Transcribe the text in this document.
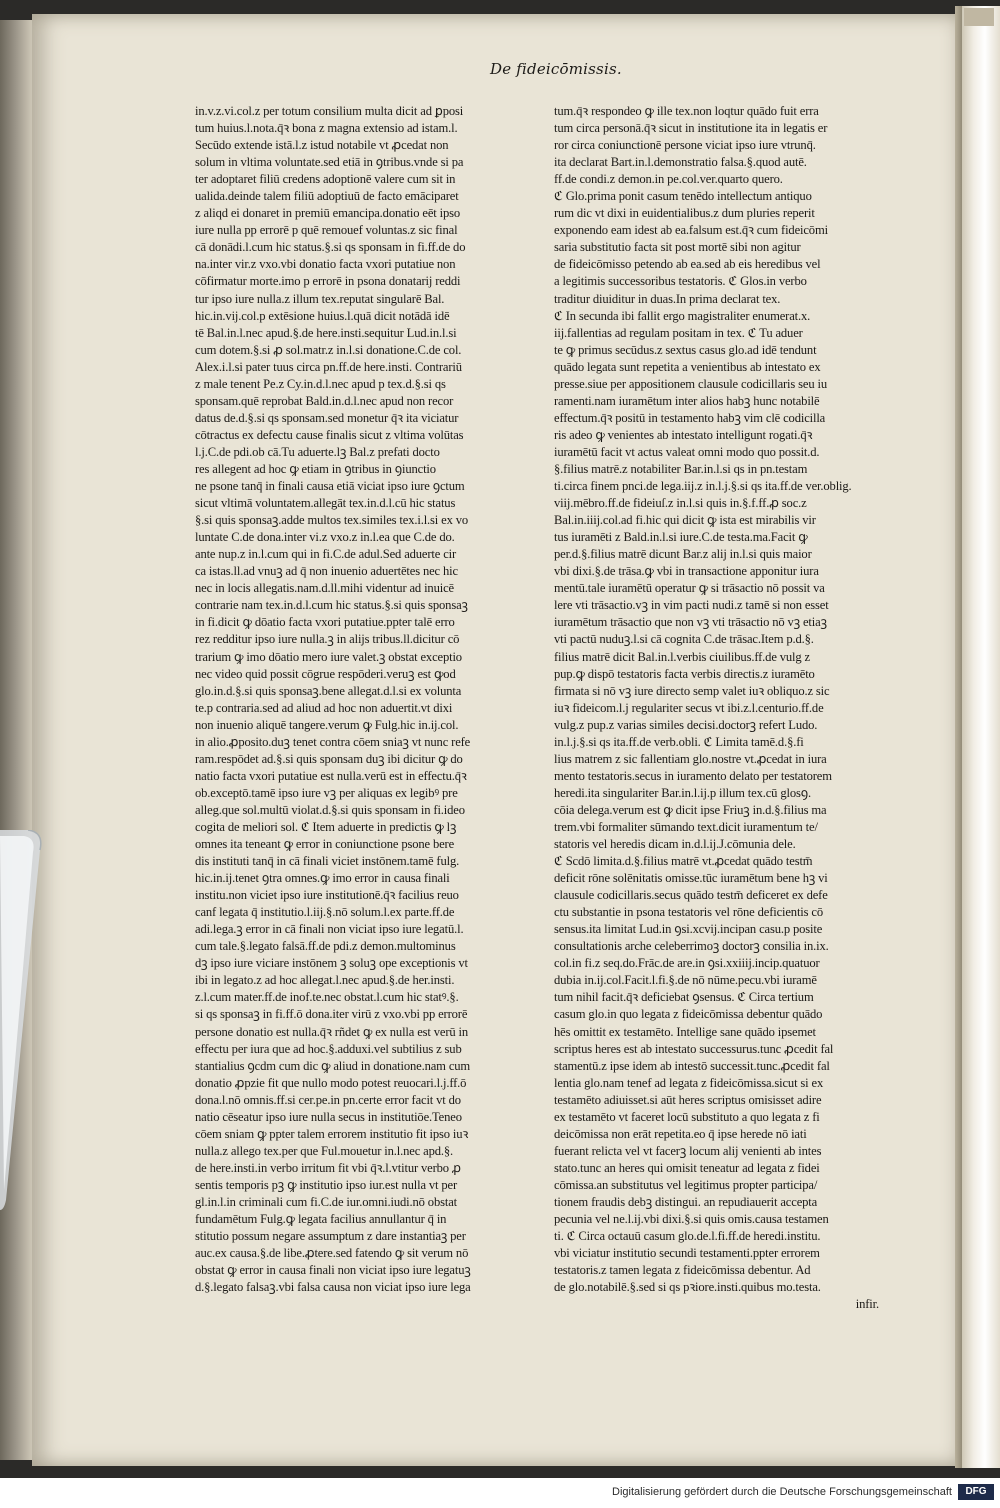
De fideicōmissis.
in.v.z.vi.col.z per totum consilium multa dicit ad ꝑposi
tum huius.l.nota.q̄ꝛ bona z magna extensio ad istam.l.
Secūdo extende istā.l.z istud notabile vt ꝓcedat non
solum in vltima voluntate.sed etiā in ꝯtribus.vnde si pa
ter adoptaret filiū credens adoptionē valere cum sit in
ualida.deinde talem filiū adoptiuū de facto emāciparet
z aliqd ei donaret in premiū emancipa.donatio eēt ipso
iure nulla pp errorē p quē remouef voluntas.z sic final
cā donādi.l.cum hic status.§.si qs sponsam in fi.ff.de do
na.inter vir.z vxo.vbi donatio facta vxori putatiue non
cōfirmatur morte.imo p errorē in psona donatarij reddi
tur ipso iure nulla.z illum tex.reputat singularē Bal.
hic.in.vij.col.p extēsione huius.l.quā dicit notādā idē
tē Bal.in.l.nec apud.§.de here.insti.sequitur Lud.in.l.si
cum dotem.§.si ꝓ sol.matr.z in.l.si donatione.C.de col.
Alex.i.l.si pater tuus circa pn.ff.de here.insti. Contrariū
z male tenent Pe.z Cy.in.d.l.nec apud p tex.d.§.si qs
sponsam.quē reprobat Bald.in.d.l.nec apud non recor
datus de.d.§.si qs sponsam.sed monetur q̄ꝛ ita viciatur
cōtractus ex defectu cause finalis sicut z vltima volūtas
l.j.C.de pdi.ob cā.Tu aduerte.lꝫ Bal.z prefati docto
res allegent ad hoc ꝙ etiam in ꝯtribus in ꝯiunctio
ne psone tanq̄ in finali causa etiā viciat ipso iure ꝯctum
sicut vltimā voluntatem.allegāt tex.in.d.l.cū hic status
§.si quis sponsaꝫ.adde multos tex.similes tex.i.l.si ex vo
luntate C.de dona.inter vi.z vxo.z in.l.ea que C.de do.
ante nup.z in.l.cum qui in fi.C.de adul.Sed aduerte cir
ca istas.ll.ad vnuꝫ ad q̄ non inuenio aduertētes nec hic
nec in locis allegatis.nam.d.ll.mihi videntur ad inuicē
contrarie nam tex.in.d.l.cum hic status.§.si quis sponsaꝫ
in fi.dicit ꝙ dōatio facta vxori putatiue.ppter talē erro
rez redditur ipso iure nulla.ꝫ in alijs tribus.ll.dicitur cō
trarium ꝙ imo dōatio mero iure valet.ꝫ obstat exceptio
nec video quid possit cōgrue respōderi.veruꝫ est ꝙod
glo.in.d.§.si quis sponsaꝫ.bene allegat.d.l.si ex volunta
te.p contraria.sed ad aliud ad hoc non aduertit.vt dixi
non inuenio aliquē tangere.verum ꝙ Fulg.hic in.ij.col.
in alio.ꝓposito.duꝫ tenet contra cōem sniaꝫ vt nunc refe
ram.respōdet ad.§.si quis sponsam duꝫ ibi dicitur ꝙ do
natio facta vxori putatiue est nulla.verū est in effectu.q̄ꝛ
ob.exceptō.tamē ipso iure vꝫ per aliquas ex legibꝰ pre
alleg.que sol.multū violat.d.§.si quis sponsam in fi.ideo
cogita de meliori sol. ℭ Item aduerte in predictis ꝙ lꝫ
omnes ita teneant ꝙ error in coniunctione psone bere
dis instituti tanq̄ in cā finali viciet instōnem.tamē fulg.
hic.in.ij.tenet ꝯtra omnes.ꝙ imo error in causa finali
institu.non viciet ipso iure institutionē.q̄ꝛ facilius reuo
canf legata q̄ institutio.l.iij.§.nō solum.l.ex parte.ff.de
adi.lega.ꝫ error in cā finali non viciat ipso iure legatū.l.
cum tale.§.legato falsā.ff.de pdi.z demon.multominus
dꝫ ipso iure viciare instōnem ꝫ soluꝫ ope exceptionis vt
ibi in legato.z ad hoc allegat.l.nec apud.§.de her.insti.
z.l.cum mater.ff.de inof.te.nec obstat.l.cum hic statꝰ.§.
si qs sponsaꝫ in fi.ff.ō dona.iter virū z vxo.vbi pp errorē
persone donatio est nulla.q̄ꝛ rñdet ꝙ ex nulla est verū in
effectu per iura que ad hoc.§.adduxi.vel subtilius z sub
stantialius ꝯcdm cum dic ꝙ aliud in donatione.nam cum
donatio ꝓpzie fit que nullo modo potest reuocari.l.j.ff.ō
dona.l.nō omnis.ff.si cer.pe.in pn.certe error facit vt do
natio cēseatur ipso iure nulla secus in institutiōe.Teneo
cōem sniam ꝙ ppter talem errorem institutio fit ipso iuꝛ
nulla.z allego tex.per que Ful.mouetur in.l.nec apd.§.
de here.insti.in verbo irritum fit vbi q̄ꝛ.l.vtitur verbo ꝓ
sentis temporis pꝫ ꝙ institutio ipso iur.est nulla vt per
gl.in.l.in criminali cum fi.C.de iur.omni.iudi.nō obstat
fundamētum Fulg.ꝙ legata facilius annullantur q̄ in
stitutio possum negare assumptum z dare instantiaꝫ per
auc.ex causa.§.de libe.ꝓtere.sed fatendo ꝙ sit verum nō
obstat ꝙ error in causa finali non viciat ipso iure legatuꝫ
d.§.legato falsaꝫ.vbi falsa causa non viciat ipso iure lega
tum.q̄ꝛ respondeo ꝙ ille tex.non loqtur quādo fuit erra
tum circa personā.q̄ꝛ sicut in institutione ita in legatis er
ror circa coniunctionē persone viciat ipso iure vtrunq̄.
ita declarat Bart.in.l.demonstratio falsa.§.quod autē.
ff.de condi.z demon.in pe.col.ver.quarto quero.
ℭ Glo.prima ponit casum tenēdo intellectum antiquo
rum dic vt dixi in euidentialibus.z dum pluries reperit
exponendo eam idest ab ea.falsum est.q̄ꝛ cum fideicōmi
saria substitutio facta sit post mortē sibi non agitur
de fideicōmisso petendo ab ea.sed ab eis heredibus vel
a legitimis successoribus testatoris. ℭ Glos.in verbo
traditur diuiditur in duas.In prima declarat tex.
ℭ In secunda ibi fallit ergo magistraliter enumerat.x.
iij.fallentias ad regulam positam in tex. ℭ Tu aduer
te ꝙ primus secūdus.z sextus casus glo.ad idē tendunt
quādo legata sunt repetita a venientibus ab intestato ex
presse.siue per appositionem clausule codicillaris seu iu
ramenti.nam iuramētum inter alios habꝫ hunc notabilē
effectum.q̄ꝛ positū in testamento habꝫ vim clē codicilla
ris adeo ꝙ venientes ab intestato intelligunt rogati.q̄ꝛ
iuramētū facit vt actus valeat omni modo quo possit.d.
§.filius matrē.z notabiliter Bar.in.l.si qs in pn.testam
ti.circa finem pnci.de lega.iij.z in.l.j.§.si qs ita.ff.de ver.oblig.
viij.mēbro.ff.de fideiuſ.z in.l.si quis in.§.f.ff.ꝓ soc.z
Bal.in.iiij.col.ad fi.hic qui dicit ꝙ ista est mirabilis vir
tus iuramēti z Bald.in.l.si iure.C.de testa.ma.Facit ꝙ
per.d.§.filius matrē dicunt Bar.z alij in.l.si quis maior
vbi dixi.§.de trāsa.ꝙ vbi in transactione apponitur iura
mentū.tale iuramētū operatur ꝙ si trāsactio nō possit va
lere vti trāsactio.vꝫ in vim pacti nudi.z tamē si non esset
iuramētum trāsactio que non vꝫ vti trāsactio nō vꝫ etiaꝫ
vti pactū nuduꝫ.l.si cā cognita C.de trāsac.Item p.d.§.
filius matrē dicit Bal.in.l.verbis ciuilibus.ff.de vulg z
pup.ꝙ dispō testatoris facta verbis directis.z iuramēto
firmata si nō vꝫ iure directo semp valet iuꝛ obliquo.z sic
iuꝛ fideicom.l.j regulariter secus vt ibi.z.l.centurio.ff.de
vulg.z pup.z varias similes decisi.doctorꝫ refert Ludo.
in.l.j.§.si qs ita.ff.de verb.obli. ℭ Limita tamē.d.§.fi
lius matrem z sic fallentiam glo.nostre vt.ꝓcedat in iura
mento testatoris.secus in iuramento delato per testatorem
heredi.ita singulariter Bar.in.l.ij.p illum tex.cū glosꝯ.
cōia delega.verum est ꝙ dicit ipse Friuꝫ in.d.§.filius ma
trem.vbi formaliter sūmando text.dicit iuramentum te/
statoris vel heredis dicam in.d.l.ij.J.cōmunia dele.
ℭ Scdō limita.d.§.filius matrē vt.ꝓcedat quādo testm̄
deficit rōne solēnitatis omisse.tūc iuramētum bene hꝫ vi
clausule codicillaris.secus quādo testm̄ deficeret ex defe
ctu substantie in psona testatoris vel rōne deficientis cō
sensus.ita limitat Lud.in ꝯsi.xcvij.incipan casu.p posite
consultationis arche celeberrimoꝫ doctorꝫ consilia in.ix.
col.in fi.z seq.do.Frāc.de are.in ꝯsi.xxiiij.incip.quatuor
dubia in.ij.col.Facit.l.fi.§.de nō nūme.pecu.vbi iuramē
tum nihil facit.q̄ꝛ deficiebat ꝯsensus. ℭ Circa tertium
casum glo.in quo legata z fideicōmissa debentur quādo
hēs omittit ex testamēto. Intellige sane quādo ipsemet
scriptus heres est ab intestato successurus.tunc ꝓcedit fal
stamentū.z ipse idem ab intestō successit.tunc.ꝓcedit fal
lentia glo.nam tenef ad legata z fideicōmissa.sicut si ex
testamēto adiuisset.si aūt heres scriptus omisisset adire
ex testamēto vt faceret locū substituto a quo legata z fi
deicōmissa non erāt repetita.eo q̄ ipse herede nō iati
fuerant relicta vel vt facerꝫ locum alij venienti ab intes
stato.tunc an heres qui omisit teneatur ad legata z fidei
cōmissa.an substitutus vel legitimus propter participa/
tionem fraudis debꝫ distingui. an repudiauerit accepta
pecunia vel ne.l.ij.vbi dixi.§.si quis omis.causa testamen
ti. ℭ Circa octauū casum glo.de.l.fi.ff.de heredi.institu.
vbi viciatur institutio secundi testamenti.ppter errorem
testatoris.z tamen legata z fideicōmissa debentur. Ad
de glo.notabilē.§.sed si qs pꝛiore.insti.quibus mo.testa.
infir.
Digitalisierung gefördert durch die Deutsche Forschungsgemeinschaft	DFG
